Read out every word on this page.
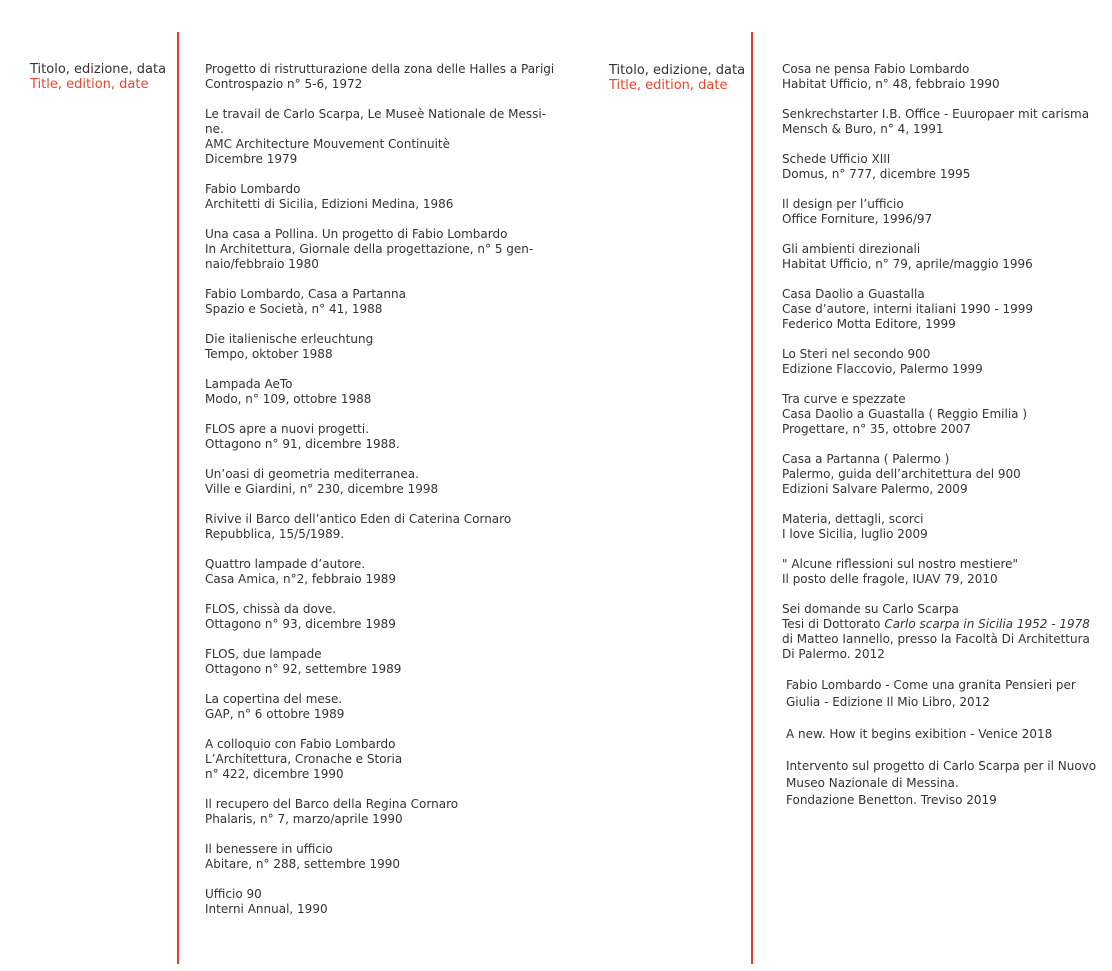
Titolo, edizione, data
Title, edition, date
Progetto di ristrutturazione della zona delle Halles a Parigi
Controspazio n° 5-6, 1972
Le travail de Carlo Scarpa, Le Museè Nationale de Messi-
ne.
AMC Architecture Mouvement Continuitè
Dicembre 1979
Fabio Lombardo
Architetti di Sicilia, Edizioni Medina, 1986
Una casa a Pollina. Un progetto di Fabio Lombardo
In Architettura, Giornale della progettazione, n° 5 gen-
naio/febbraio 1980
Fabio Lombardo, Casa a Partanna
Spazio e Società, n° 41, 1988
Die italienische erleuchtung
Tempo, oktober 1988
Lampada AeTo
Modo, n° 109, ottobre 1988
FLOS apre a nuovi progetti.
Ottagono n° 91, dicembre 1988.
Un’oasi di geometria mediterranea.
Ville e Giardini, n° 230, dicembre 1998
Rivive il Barco dell’antico Eden di Caterina Cornaro
Repubblica, 15/5/1989.
Quattro lampade d’autore.
Casa Amica, n°2, febbraio 1989
FLOS, chissà da dove.
Ottagono n° 93, dicembre 1989
FLOS, due lampade
Ottagono n° 92, settembre 1989
La copertina del mese.
GAP, n° 6 ottobre 1989
A colloquio con Fabio Lombardo
L’Architettura, Cronache e Storia
n° 422, dicembre 1990
Il recupero del Barco della Regina Cornaro
Phalaris, n° 7, marzo/aprile 1990
Il benessere in ufficio
Abitare, n° 288, settembre 1990
Ufficio 90
Interni Annual, 1990
Titolo, edizione, data
Title, edition, date
Cosa ne pensa Fabio Lombardo
Habitat Ufficio, n° 48, febbraio 1990
Senkrechstarter I.B. Office - Euuropaer mit carisma
Mensch & Buro, n° 4, 1991
Schede Ufficio XIII
Domus, n° 777, dicembre 1995
Il design per l’ufficio
Office Forniture, 1996/97
Gli ambienti direzionali
Habitat Ufficio, n° 79, aprile/maggio 1996
Casa Daolio a Guastalla
Case d’autore, interni italiani 1990 - 1999
Federico Motta Editore, 1999
Lo Steri nel secondo 900
Edizione Flaccovio, Palermo 1999
Tra curve e spezzate
Casa Daolio a Guastalla ( Reggio Emilia )
Progettare, n° 35, ottobre 2007
Casa a Partanna ( Palermo )
Palermo, guida dell’architettura del 900
Edizioni Salvare Palermo, 2009
Materia, dettagli, scorci
I love Sicilia, luglio 2009
" Alcune riflessioni sul nostro mestiere"
Il posto delle fragole, IUAV 79, 2010
Sei domande su Carlo Scarpa
Tesi di Dottorato Carlo scarpa in Sicilia 1952 - 1978
di Matteo Iannello, presso la Facoltà Di Architettura
Di Palermo. 2012
Fabio Lombardo - Come una granita Pensieri per
Giulia - Edizione Il Mio Libro, 2012
A new. How it begins exibition - Venice 2018
Intervento sul progetto di Carlo Scarpa per il Nuovo
Museo Nazionale di Messina.
Fondazione Benetton. Treviso 2019
